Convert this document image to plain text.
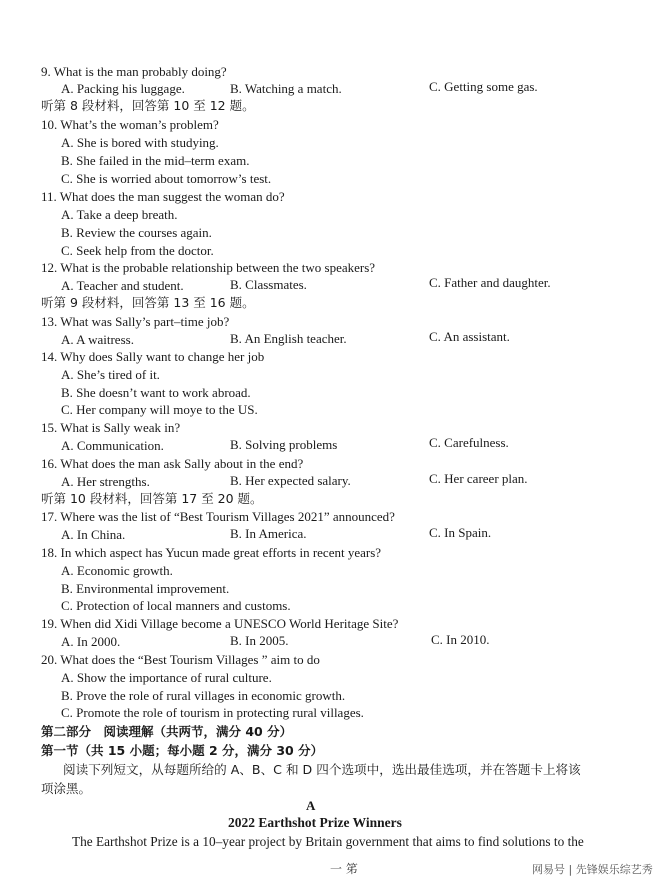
9. What is the man probably doing?
A. Packing his luggage.	B. Watching a match.	C. Getting some gas.
听第 8 段材料，回答第 10 至 12 题。
10. What’s the woman’s problem?
A. She is bored with studying.
B. She failed in the mid–term exam.
C. She is worried about tomorrow’s test.
11. What does the man suggest the woman do?
A. Take a deep breath.
B. Review the courses again.
C. Seek help from the doctor.
12. What is the probable relationship between the two speakers?
A. Teacher and student.	B. Classmates.	C. Father and daughter.
听第 9 段材料，回答第 13 至 16 题。
13. What was Sally’s part–time job?
A. A waitress.	B. An English teacher.	C. An assistant.
14. Why does Sally want to change her job
A. She’s tired of it.
B. She doesn’t want to work abroad.
C. Her company will moye to the US.
15. What is Sally weak in?
A. Communication.	B. Solving problems	C. Carefulness.
16. What does the man ask Sally about in the end?
A. Her strengths.	B. Her expected salary.	C. Her career plan.
听第 10 段材料，回答第 17 至 20 题。
17. Where was the list of “Best Tourism Villages 2021” announced?
A. In China.	B. In America.	C. In Spain.
18. In which aspect has Yucun made great efforts in recent years?
A. Economic growth.
B. Environmental improvement.
C. Protection of local manners and customs.
19. When did Xidi Village become a UNESCO World Heritage Site?
A. In 2000.	B. In 2005.	C. In 2010.
20. What does the “Best Tourism Villages ” aim to do
A. Show the importance of rural culture.
B. Prove the role of rural villages in economic growth.
C. Promote the role of tourism in protecting rural villages.
第二部分　阅读理解（共两节，满分 40 分）
第一节（共 15 小题；每小题 2 分，满分 30 分）
阅读下列短文，从每题所给的 A、B、C 和 D 四个选项中，选出最佳选项，并在答题卡上将该
项涂黑。
A
2022 Earthshot Prize Winners
The Earthshot Prize is a 10–year project by Britain government that aims to find solutions to the
一 笫	网易号 | 先锋娱乐综艺秀
